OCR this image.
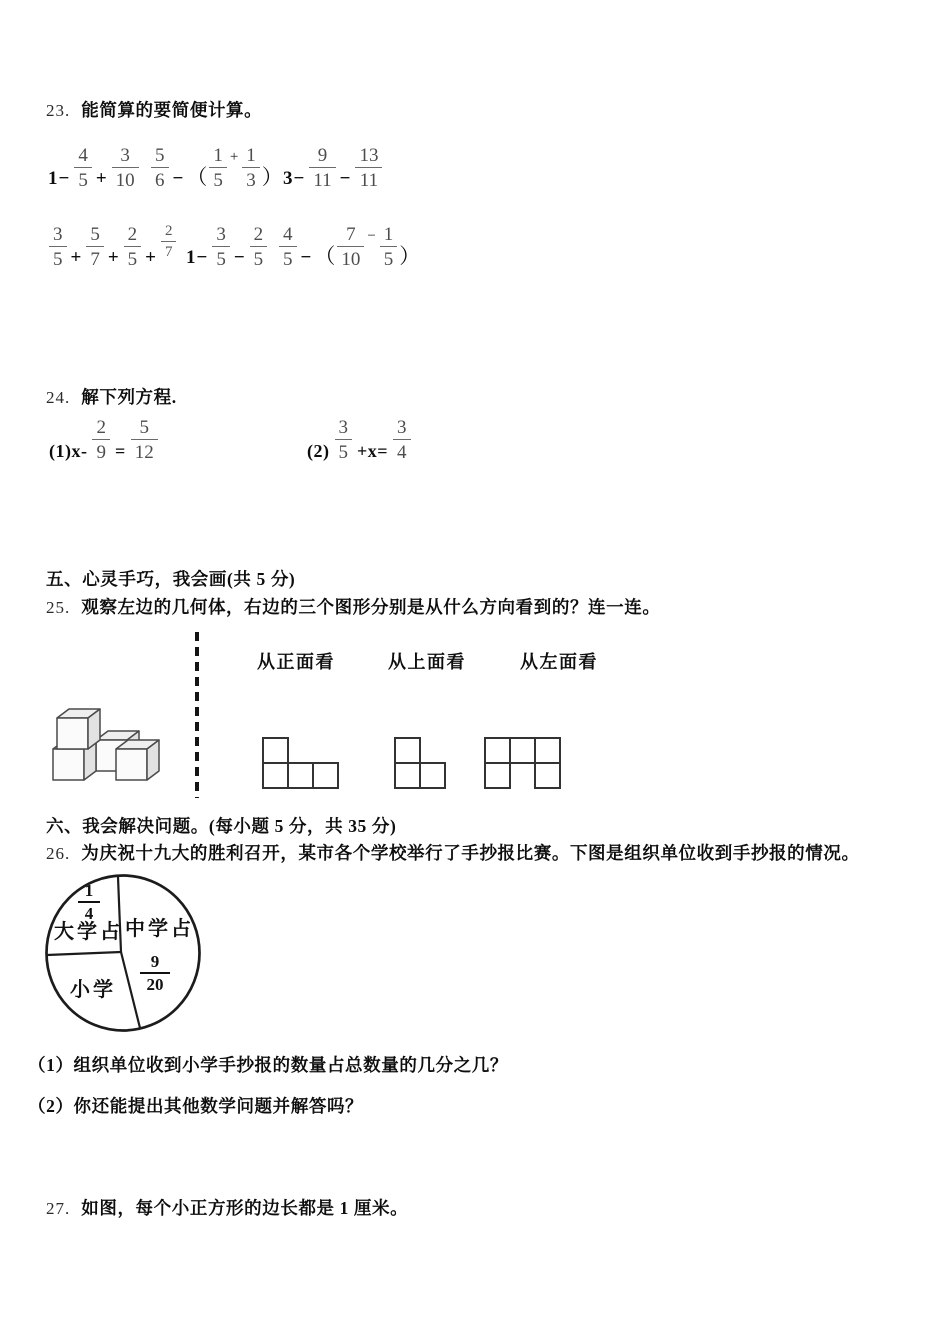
23. 能简算的要简便计算。
$1- \frac{4}{5} + \frac{3}{10} \frac{5}{6}$ − （ $\frac{1}{5} + \frac{1}{3}$ ） $3- \frac{9}{11} - \frac{13}{11}$
$\frac{3}{5} + \frac{5}{7} + \frac{2}{5} + \frac{2}{7} 1- \frac{3}{5} - \frac{2}{5} \frac{4}{5}$ − （ $\frac{7}{10} - \frac{1}{5}$ ）
24. 解下列方程.
$(1)x- \frac{2}{9} = \frac{5}{12}$	$(2) \frac{3}{5} +x= \frac{3}{4}$
五、心灵手巧，我会画(共 5 分)
25. 观察左边的几何体，右边的三个图形分别是从什么方向看到的？连一连。
从正面看	从上面看	从左面看
六、我会解决问题。(每小题 5 分，共 35 分)
26. 为庆祝十九大的胜利召开，某市各个学校举行了手抄报比赛。下图是组织单位收到手抄报的情况。
1
4
大学占 中学占
9
20
小学
（1）组织单位收到小学手抄报的数量占总数量的几分之几？
（2）你还能提出其他数学问题并解答吗？
27. 如图，每个小正方形的边长都是 1 厘米。
